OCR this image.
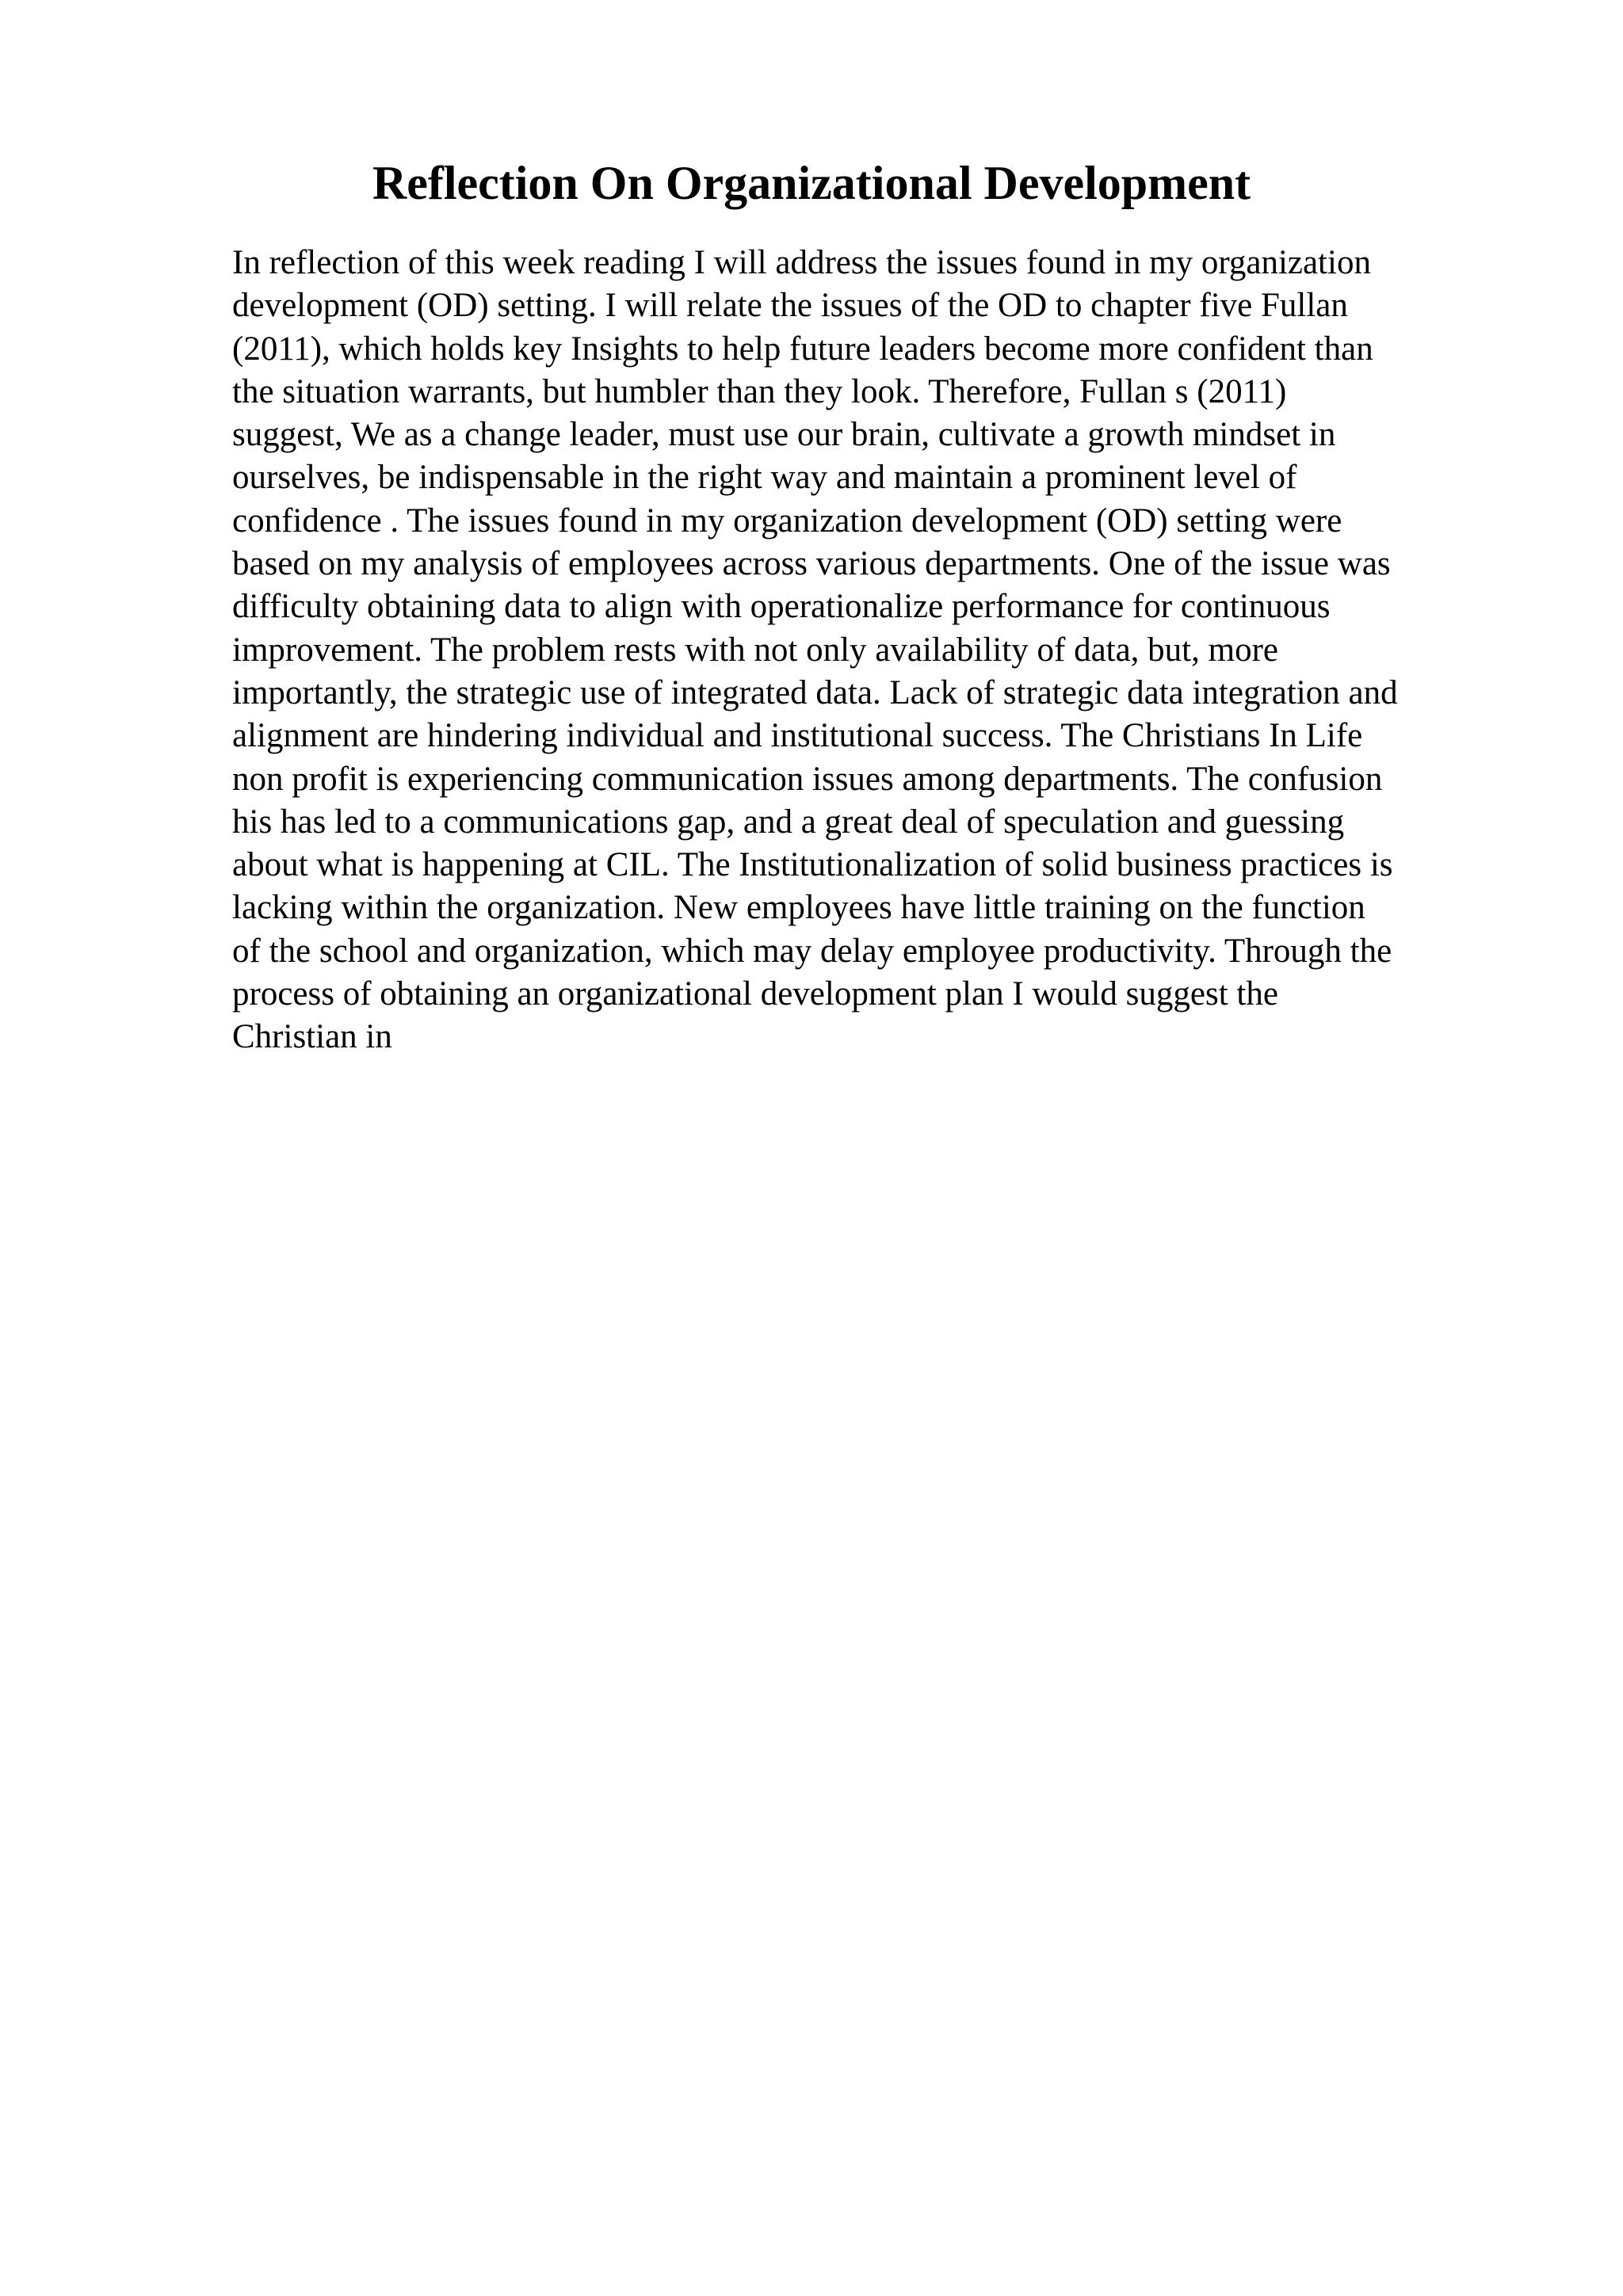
Reflection On Organizational Development
In reflection of this week reading I will address the issues found in my organization
development (OD) setting. I will relate the issues of the OD to chapter five Fullan
(2011), which holds key Insights to help future leaders become more confident than
the situation warrants, but humbler than they look. Therefore, Fullan s (2011)
suggest, We as a change leader, must use our brain, cultivate a growth mindset in
ourselves, be indispensable in the right way and maintain a prominent level of
confidence . The issues found in my organization development (OD) setting were
based on my analysis of employees across various departments. One of the issue was
difficulty obtaining data to align with operationalize performance for continuous
improvement. The problem rests with not only availability of data, but, more
importantly, the strategic use of integrated data. Lack of strategic data integration and
alignment are hindering individual and institutional success. The Christians In Life
non profit is experiencing communication issues among departments. The confusion
his has led to a communications gap, and a great deal of speculation and guessing
about what is happening at CIL. The Institutionalization of solid business practices is
lacking within the organization. New employees have little training on the function
of the school and organization, which may delay employee productivity. Through the
process of obtaining an organizational development plan I would suggest the
Christian in
